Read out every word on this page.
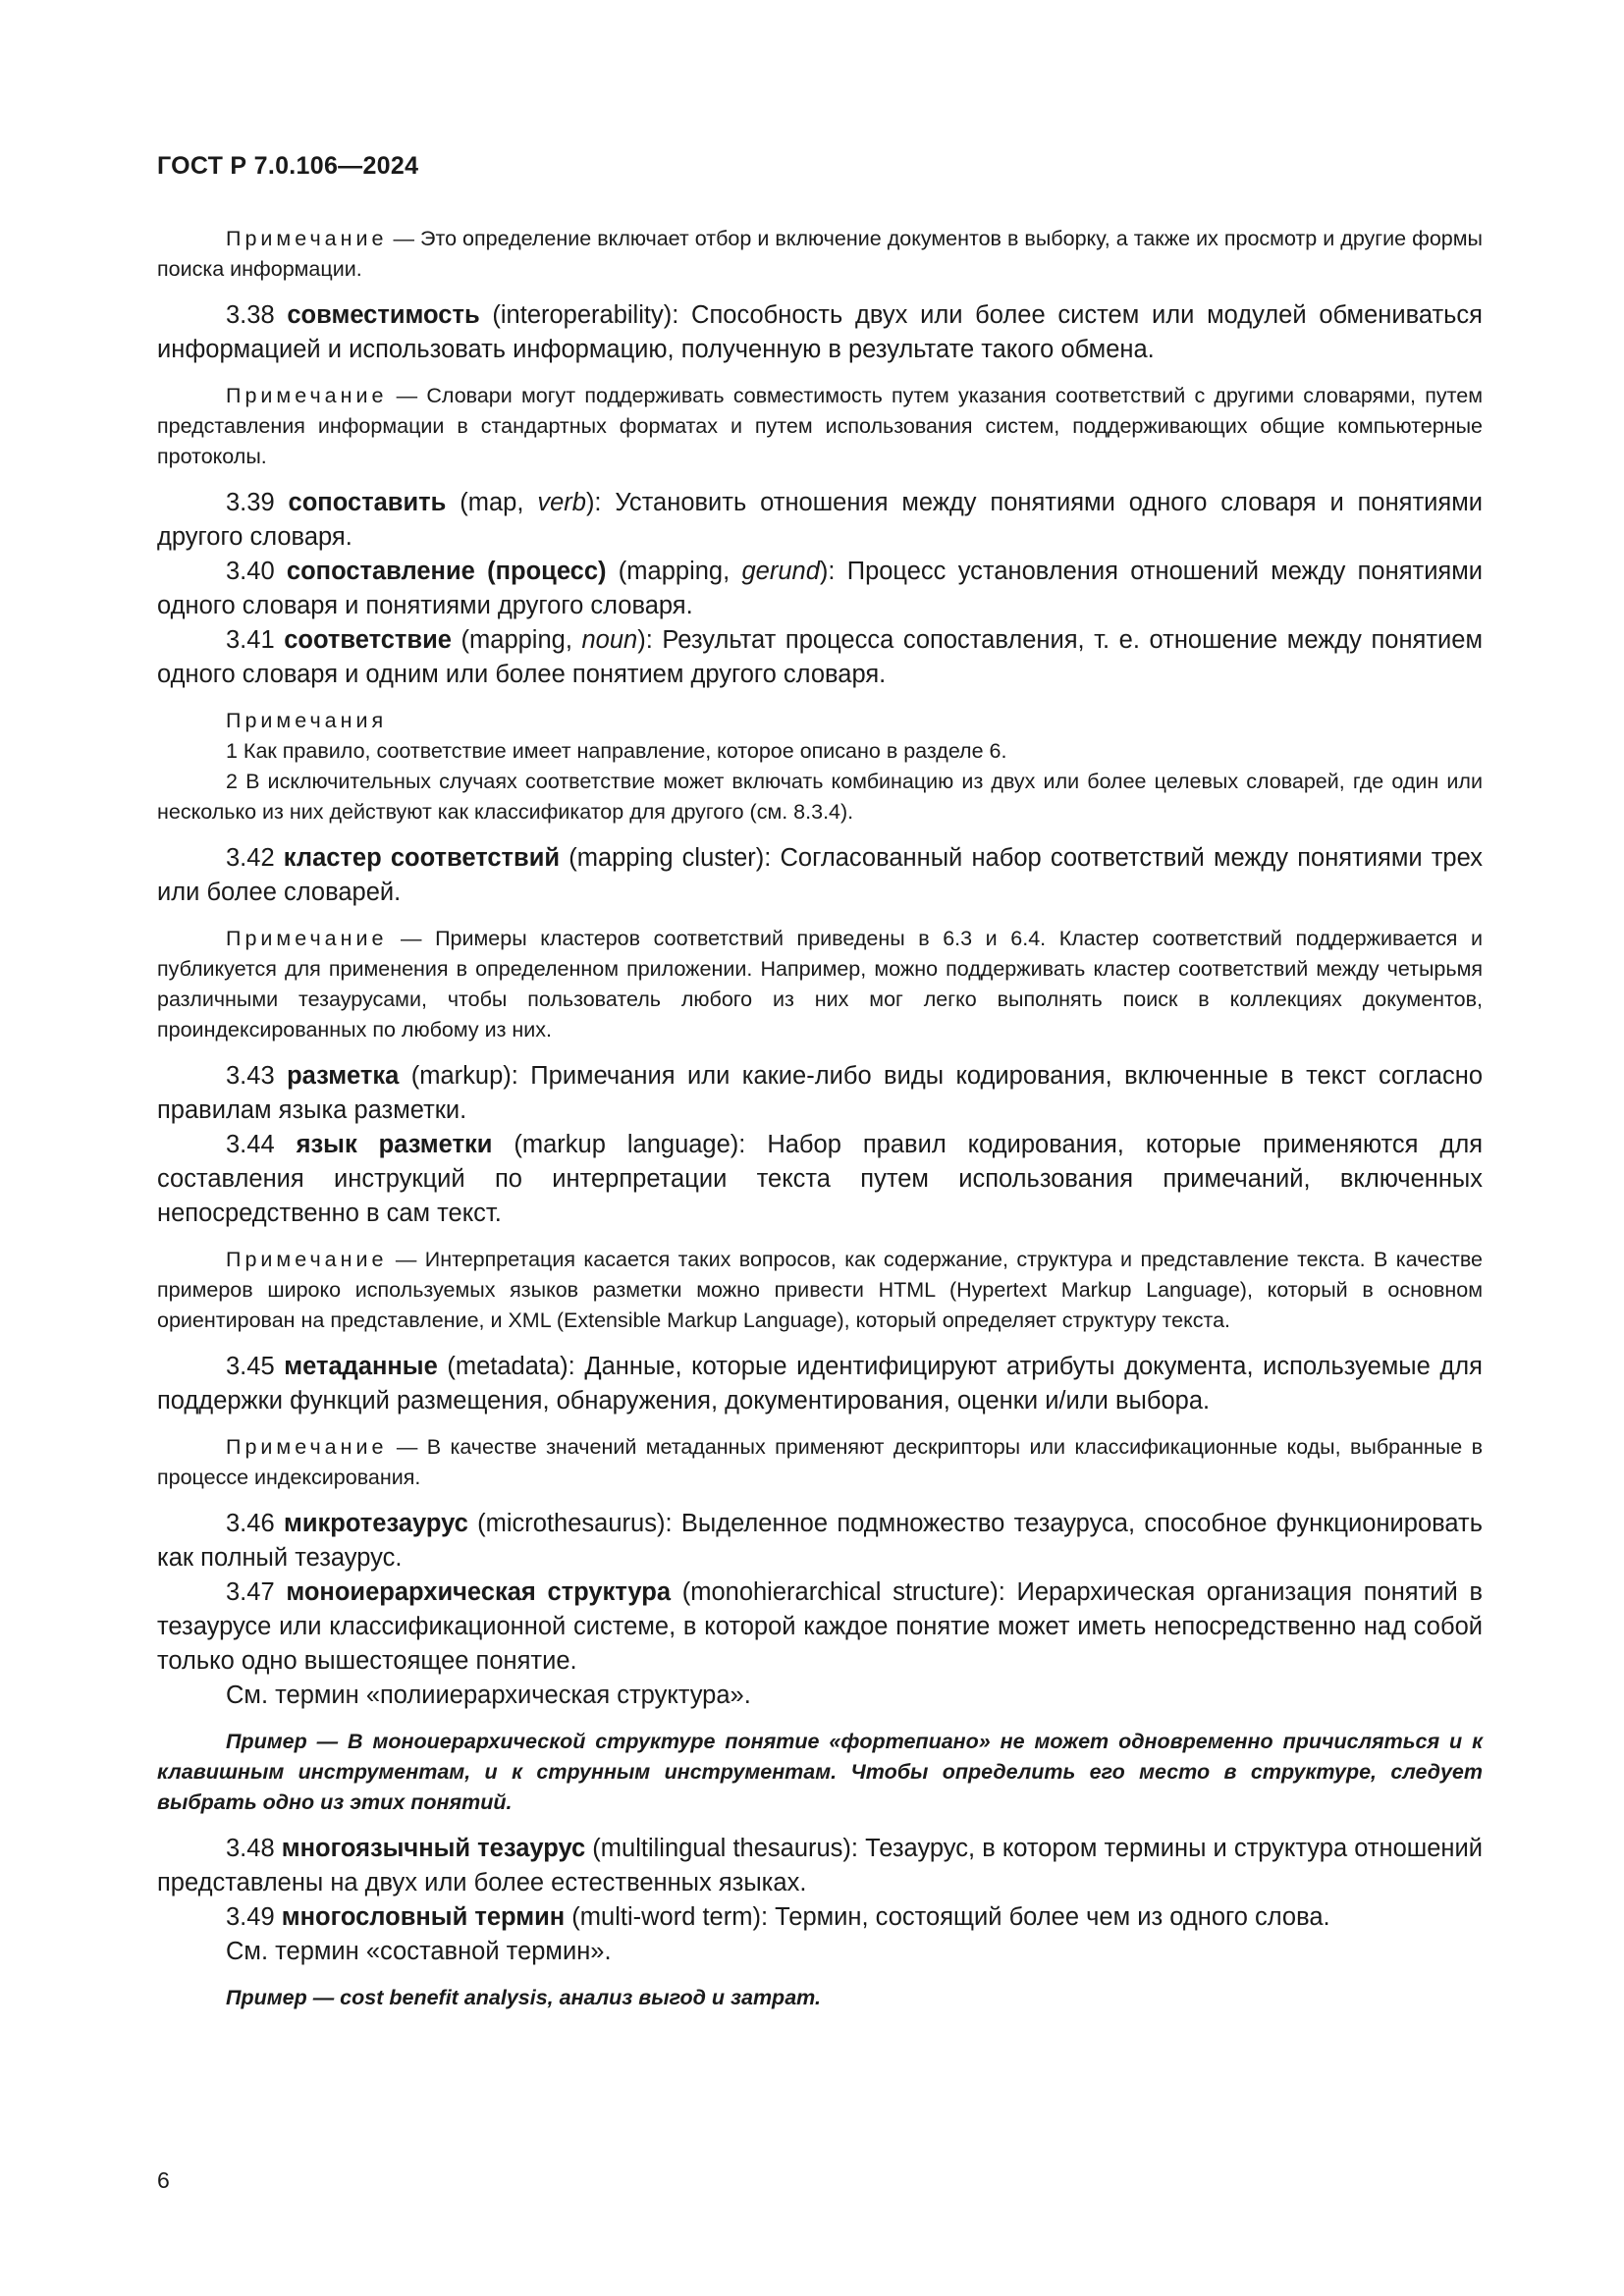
ГОСТ Р 7.0.106—2024

Примечание — Это определение включает отбор и включение документов в выборку, а также их просмотр и другие формы поиска информации.

3.38 совместимость (interoperability): Способность двух или более систем или модулей обмениваться информацией и использовать информацию, полученную в результате такого обмена.

Примечание — Словари могут поддерживать совместимость путем указания соответствий с другими словарями, путем представления информации в стандартных форматах и путем использования систем, поддерживающих общие компьютерные протоколы.

3.39 сопоставить (map, verb): Установить отношения между понятиями одного словаря и понятиями другого словаря.

3.40 сопоставление (процесс) (mapping, gerund): Процесс установления отношений между понятиями одного словаря и понятиями другого словаря.

3.41 соответствие (mapping, noun): Результат процесса сопоставления, т. е. отношение между понятием одного словаря и одним или более понятием другого словаря.

Примечания

1 Как правило, соответствие имеет направление, которое описано в разделе 6.

2 В исключительных случаях соответствие может включать комбинацию из двух или более целевых словарей, где один или несколько из них действуют как классификатор для другого (см. 8.3.4).

3.42 кластер соответствий (mapping cluster): Согласованный набор соответствий между понятиями трех или более словарей.

Примечание — Примеры кластеров соответствий приведены в 6.3 и 6.4. Кластер соответствий поддерживается и публикуется для применения в определенном приложении. Например, можно поддерживать кластер соответствий между четырьмя различными тезаурусами, чтобы пользователь любого из них мог легко выполнять поиск в коллекциях документов, проиндексированных по любому из них.

3.43 разметка (markup): Примечания или какие-либо виды кодирования, включенные в текст согласно правилам языка разметки.

3.44 язык разметки (markup language): Набор правил кодирования, которые применяются для составления инструкций по интерпретации текста путем использования примечаний, включенных непосредственно в сам текст.

Примечание — Интерпретация касается таких вопросов, как содержание, структура и представление текста. В качестве примеров широко используемых языков разметки можно привести HTML (Hypertext Markup Language), который в основном ориентирован на представление, и XML (Extensible Markup Language), который определяет структуру текста.

3.45 метаданные (metadata): Данные, которые идентифицируют атрибуты документа, используемые для поддержки функций размещения, обнаружения, документирования, оценки и/или выбора.

Примечание — В качестве значений метаданных применяют дескрипторы или классификационные коды, выбранные в процессе индексирования.

3.46 микротезаурус (microthesaurus): Выделенное подмножество тезауруса, способное функционировать как полный тезаурус.

3.47 моноиерархическая структура (monohierarchical structure): Иерархическая организация понятий в тезаурусе или классификационной системе, в которой каждое понятие может иметь непосредственно над собой только одно вышестоящее понятие.

См. термин «полииерархическая структура».

Пример — В моноиерархической структуре понятие «фортепиано» не может одновременно причисляться и к клавишным инструментам, и к струнным инструментам. Чтобы определить его место в структуре, следует выбрать одно из этих понятий.

3.48 многоязычный тезаурус (multilingual thesaurus): Тезаурус, в котором термины и структура отношений представлены на двух или более естественных языках.

3.49 многословный термин (multi-word term): Термин, состоящий более чем из одного слова.

См. термин «составной термин».

Пример — cost benefit analysis, анализ выгод и затрат.

6
